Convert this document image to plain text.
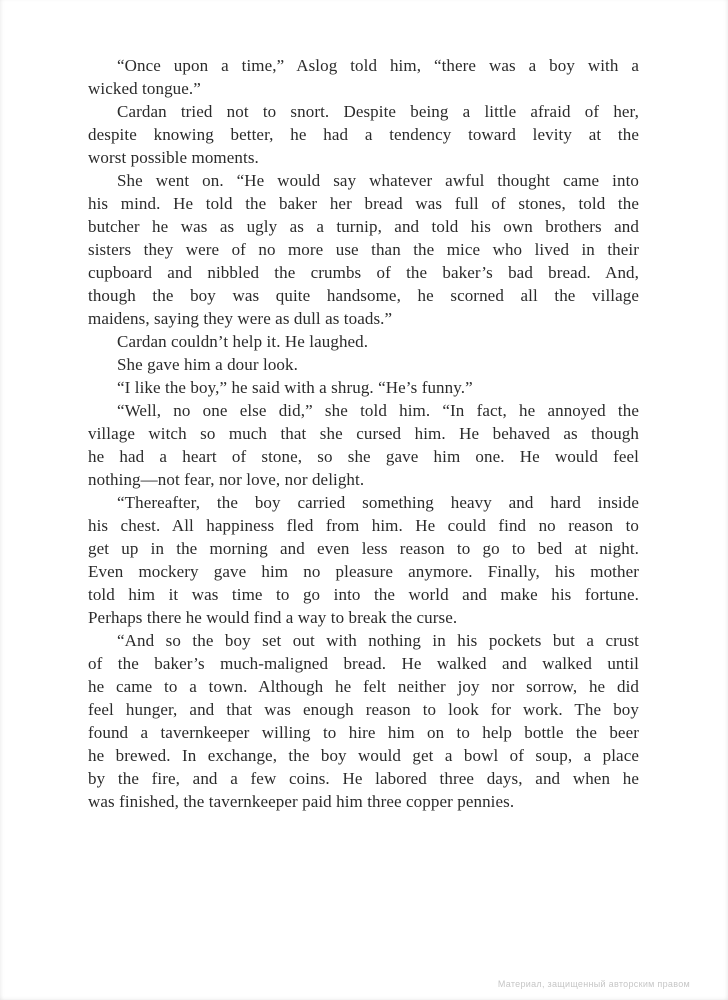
“Once upon a time,” Aslog told him, “there was a boy with a
wicked tongue.”
Cardan tried not to snort. Despite being a little afraid of her,
despite knowing better, he had a tendency toward levity at the
worst possible moments.
She went on. “He would say whatever awful thought came into
his mind. He told the baker her bread was full of stones, told the
butcher he was as ugly as a turnip, and told his own brothers and
sisters they were of no more use than the mice who lived in their
cupboard and nibbled the crumbs of the baker’s bad bread. And,
though the boy was quite handsome, he scorned all the village
maidens, saying they were as dull as toads.”
Cardan couldn’t help it. He laughed.
She gave him a dour look.
“I like the boy,” he said with a shrug. “He’s funny.”
“Well, no one else did,” she told him. “In fact, he annoyed the
village witch so much that she cursed him. He behaved as though
he had a heart of stone, so she gave him one. He would feel
nothing—not fear, nor love, nor delight.
“Thereafter, the boy carried something heavy and hard inside
his chest. All happiness fled from him. He could find no reason to
get up in the morning and even less reason to go to bed at night.
Even mockery gave him no pleasure anymore. Finally, his mother
told him it was time to go into the world and make his fortune.
Perhaps there he would find a way to break the curse.
“And so the boy set out with nothing in his pockets but a crust
of the baker’s much-maligned bread. He walked and walked until
he came to a town. Although he felt neither joy nor sorrow, he did
feel hunger, and that was enough reason to look for work. The boy
found a tavernkeeper willing to hire him on to help bottle the beer
he brewed. In exchange, the boy would get a bowl of soup, a place
by the fire, and a few coins. He labored three days, and when he
was finished, the tavernkeeper paid him three copper pennies.
Материал, защищенный авторским правом
